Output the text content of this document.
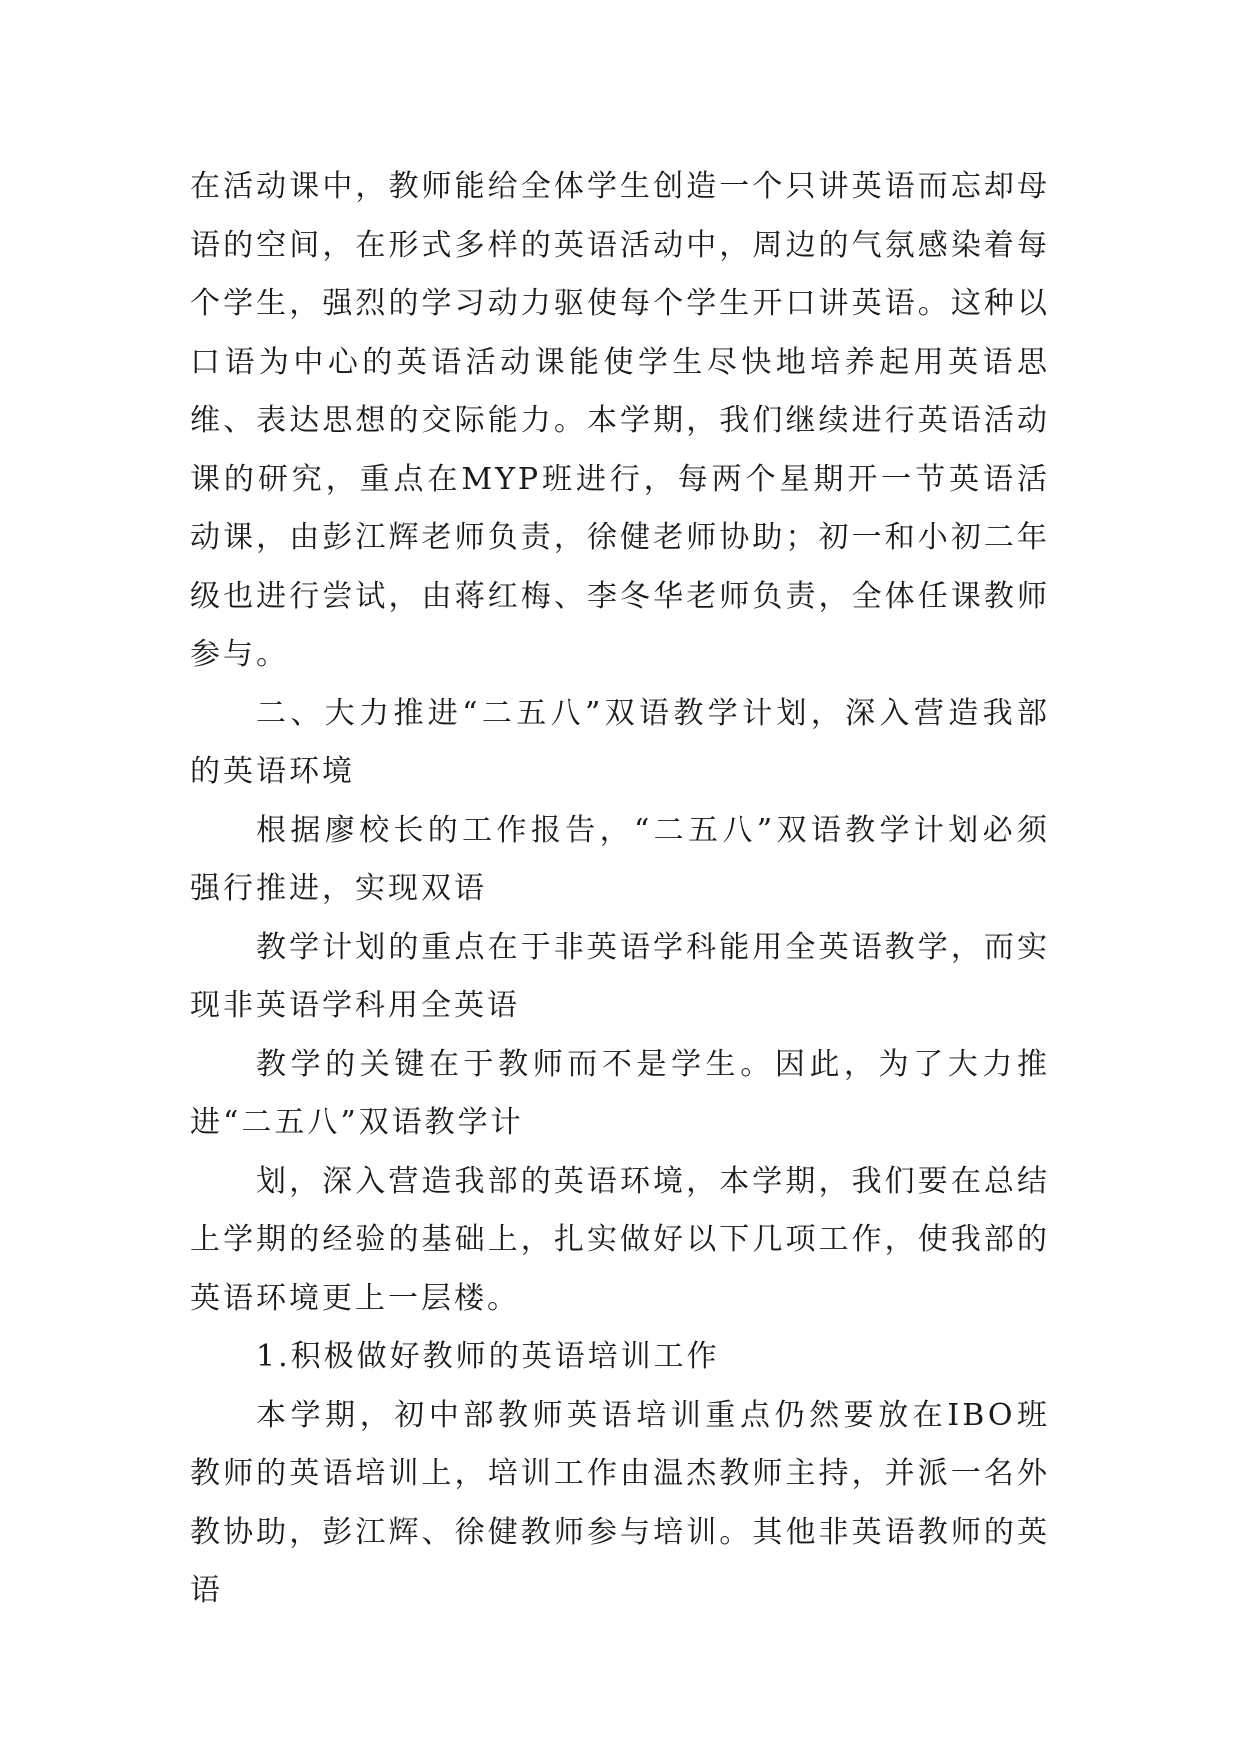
在活动课中，教师能给全体学生创造一个只讲英语而忘却母语的空间，在形式多样的英语活动中，周边的气氛感染着每个学生，强烈的学习动力驱使每个学生开口讲英语。这种以口语为中心的英语活动课能使学生尽快地培养起用英语思维、表达思想的交际能力。本学期，我们继续进行英语活动课的研究，重点在MYP班进行，每两个星期开一节英语活动课，由彭江辉老师负责，徐健老师协助；初一和小初二年级也进行尝试，由蒋红梅、李冬华老师负责，全体任课教师参与。

二、大力推进“二五八”双语教学计划，深入营造我部的英语环境

根据廖校长的工作报告，“二五八”双语教学计划必须强行推进，实现双语

教学计划的重点在于非英语学科能用全英语教学，而实现非英语学科用全英语

教学的关键在于教师而不是学生。因此，为了大力推进“二五八”双语教学计

划，深入营造我部的英语环境，本学期，我们要在总结上学期的经验的基础上，扎实做好以下几项工作，使我部的英语环境更上一层楼。

1.积极做好教师的英语培训工作

本学期，初中部教师英语培训重点仍然要放在IBO班教师的英语培训上，培训工作由温杰教师主持，并派一名外教协助，彭江辉、徐健教师参与培训。其他非英语教师的英语
